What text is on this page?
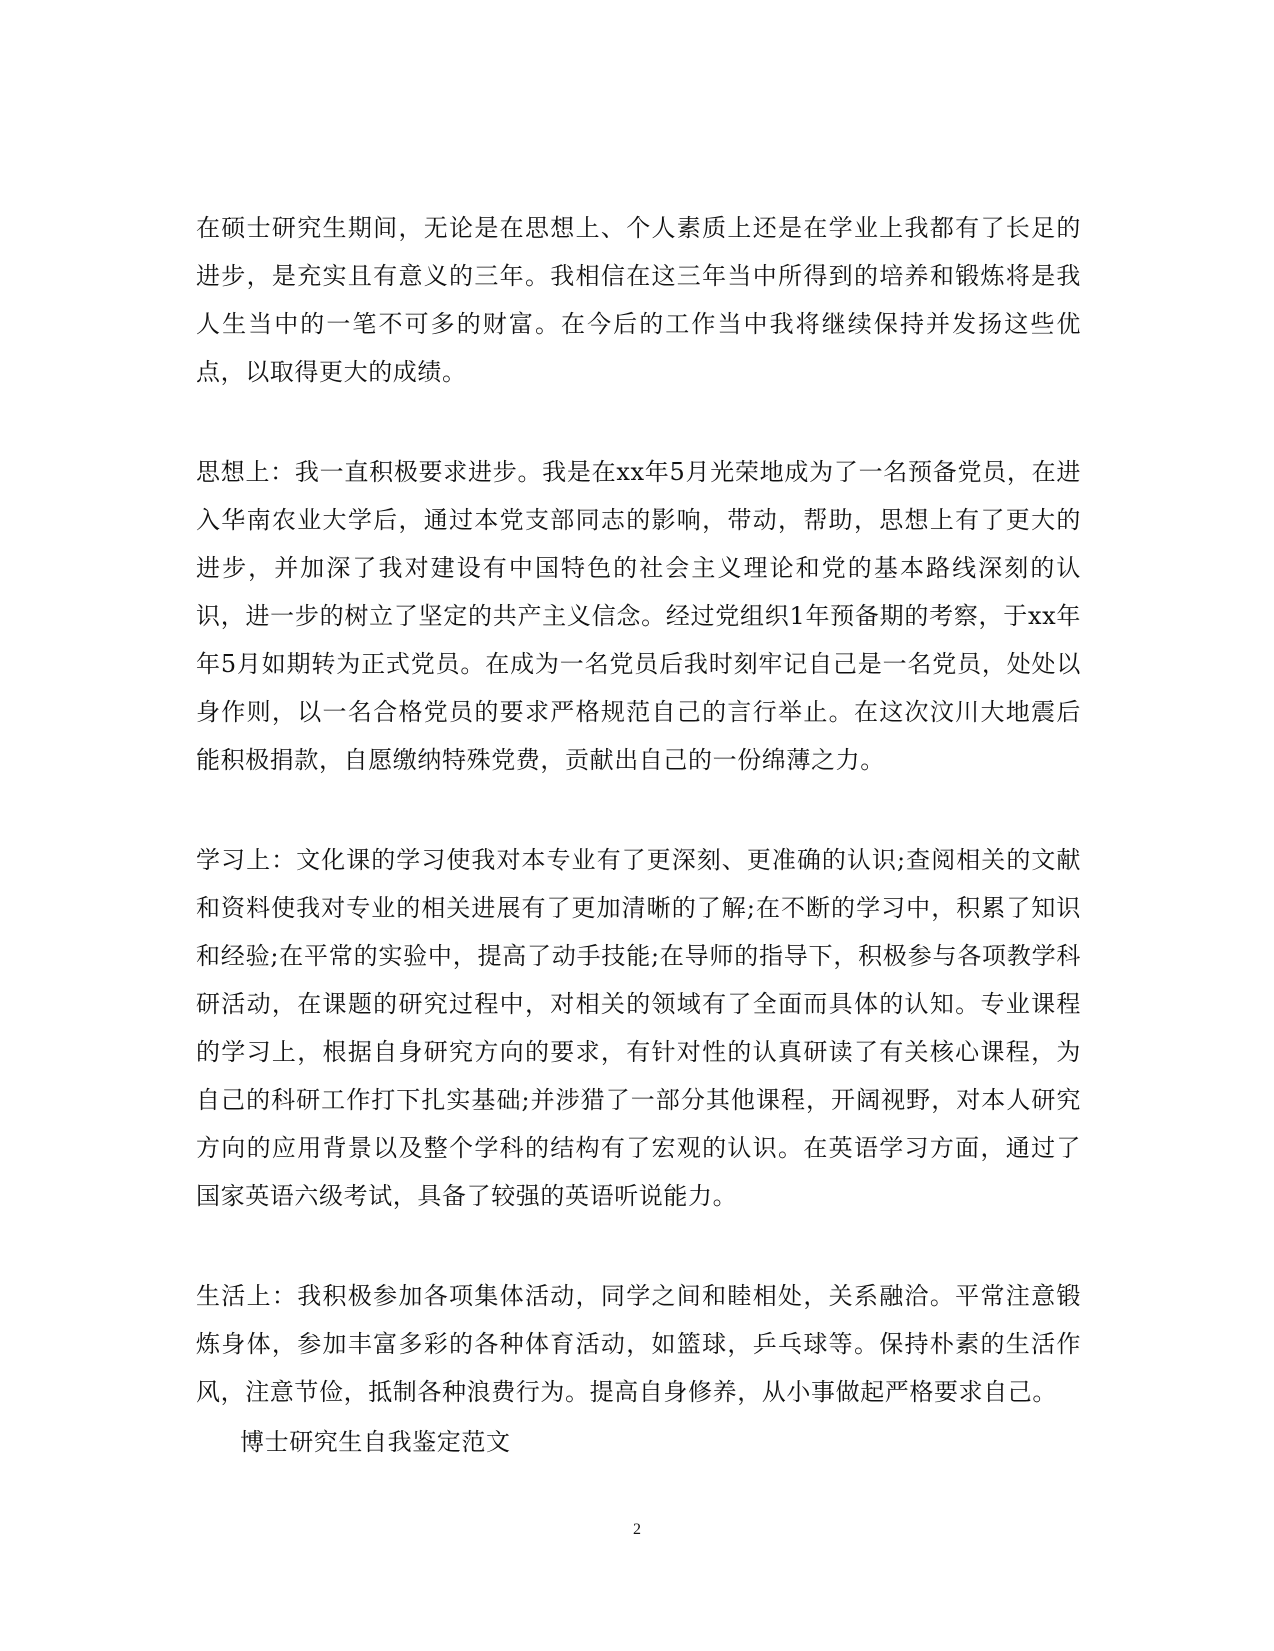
在硕士研究生期间，无论是在思想上、个人素质上还是在学业上我都有了长足的进步，是充实且有意义的三年。我相信在这三年当中所得到的培养和锻炼将是我人生当中的一笔不可多的财富。在今后的工作当中我将继续保持并发扬这些优点，以取得更大的成绩。

思想上：我一直积极要求进步。我是在xx年5月光荣地成为了一名预备党员，在进入华南农业大学后，通过本党支部同志的影响，带动，帮助，思想上有了更大的进步，并加深了我对建设有中国特色的社会主义理论和党的基本路线深刻的认识，进一步的树立了坚定的共产主义信念。经过党组织1年预备期的考察，于xx年年5月如期转为正式党员。在成为一名党员后我时刻牢记自己是一名党员，处处以身作则，以一名合格党员的要求严格规范自己的言行举止。在这次汶川大地震后能积极捐款，自愿缴纳特殊党费，贡献出自己的一份绵薄之力。

学习上：文化课的学习使我对本专业有了更深刻、更准确的认识;查阅相关的文献和资料使我对专业的相关进展有了更加清晰的了解;在不断的学习中，积累了知识和经验;在平常的实验中，提高了动手技能;在导师的指导下，积极参与各项教学科研活动，在课题的研究过程中，对相关的领域有了全面而具体的认知。专业课程的学习上，根据自身研究方向的要求，有针对性的认真研读了有关核心课程，为自己的科研工作打下扎实基础;并涉猎了一部分其他课程，开阔视野，对本人研究方向的应用背景以及整个学科的结构有了宏观的认识。在英语学习方面，通过了国家英语六级考试，具备了较强的英语听说能力。

生活上：我积极参加各项集体活动，同学之间和睦相处，关系融洽。平常注意锻炼身体，参加丰富多彩的各种体育活动，如篮球，乒乓球等。保持朴素的生活作风，注意节俭，抵制各种浪费行为。提高自身修养，从小事做起严格要求自己。

博士研究生自我鉴定范文

2
